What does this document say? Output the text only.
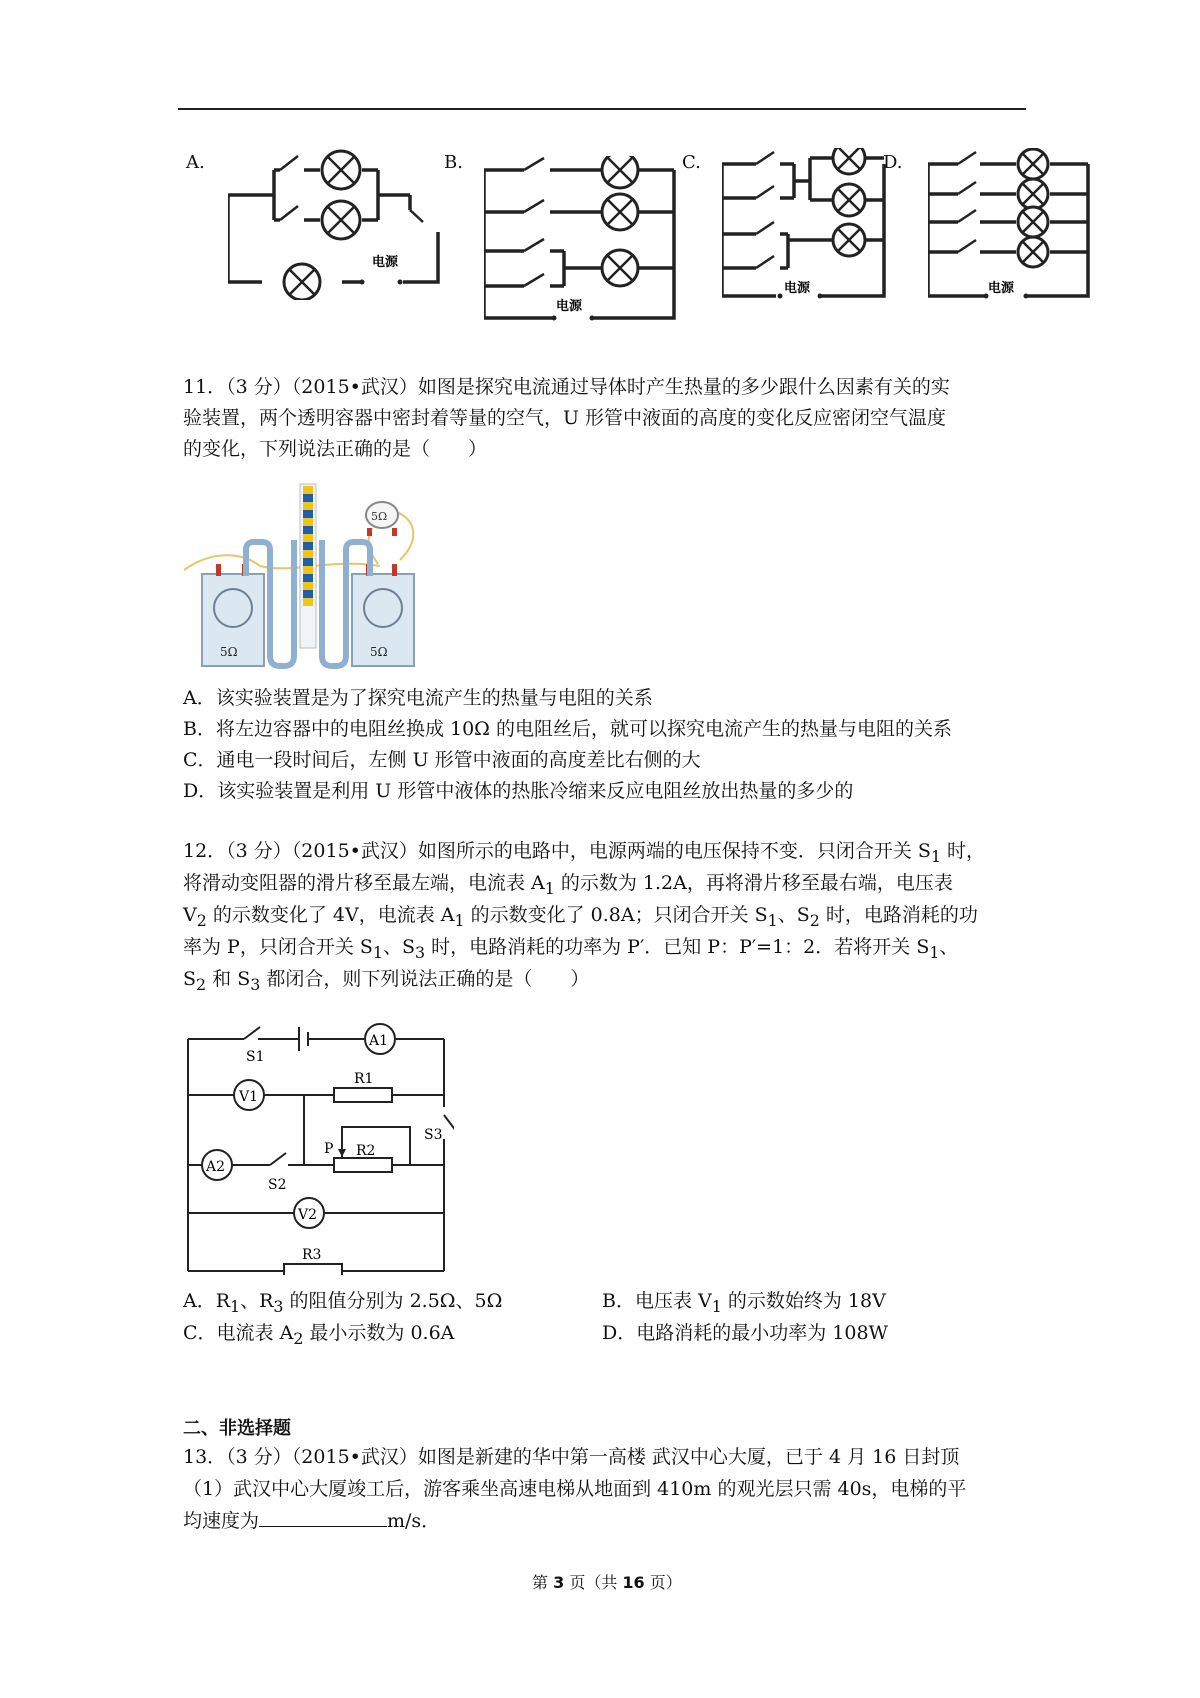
A.	B.	C.	D.
电源
电源
电源	电源
11．（3 分）（2015•武汉）如图是探究电流通过导体时产生热量的多少跟什么因素有关的实
验装置，两个透明容器中密封着等量的空气，U 形管中液面的高度的变化反应密闭空气温度
的变化，下列说法正确的是（　　）
5Ω
5Ω	5Ω
A．该实验装置是为了探究电流产生的热量与电阻的关系
B．将左边容器中的电阻丝换成 10Ω 的电阻丝后，就可以探究电流产生的热量与电阻的关系
C．通电一段时间后，左侧 U 形管中液面的高度差比右侧的大
D．该实验装置是利用 U 形管中液体的热胀冷缩来反应电阻丝放出热量的多少的
12．（3 分）（2015•武汉）如图所示的电路中，电源两端的电压保持不变．只闭合开关 $S_1$ 时，
将滑动变阻器的滑片移至最左端，电流表 $A_1$ 的示数为 1.2A，再将滑片移至最右端，电压表
$V_2$ 的示数变化了 4V，电流表 $A_1$ 的示数变化了 0.8A；只闭合开关 $S_1$、$S_2$ 时，电路消耗的功
率为 P，只闭合开关 $S_1$、$S_3$ 时，电路消耗的功率为 P′．已知 P：P′=1：2．若将开关 $S_1$、
$S_2$ 和 $S_3$ 都闭合，则下列说法正确的是（　　）
A1
V1
A2
V2
S1
R1
S2
P R2
S3
R3
A．$R_1$、$R_3$ 的阻值分别为 2.5Ω、5Ω	B．电压表 $V_1$ 的示数始终为 18V
C．电流表 $A_2$ 最小示数为 0.6A	D．电路消耗的最小功率为 108W
二、非选择题
13．（3 分）（2015•武汉）如图是新建的华中第一高楼 武汉中心大厦，已于 4 月 16 日封顶
（1）武汉中心大厦竣工后，游客乘坐高速电梯从地面到 410m 的观光层只需 40s，电梯的平
均速度为	m/s．
第 3 页（共 16 页）
